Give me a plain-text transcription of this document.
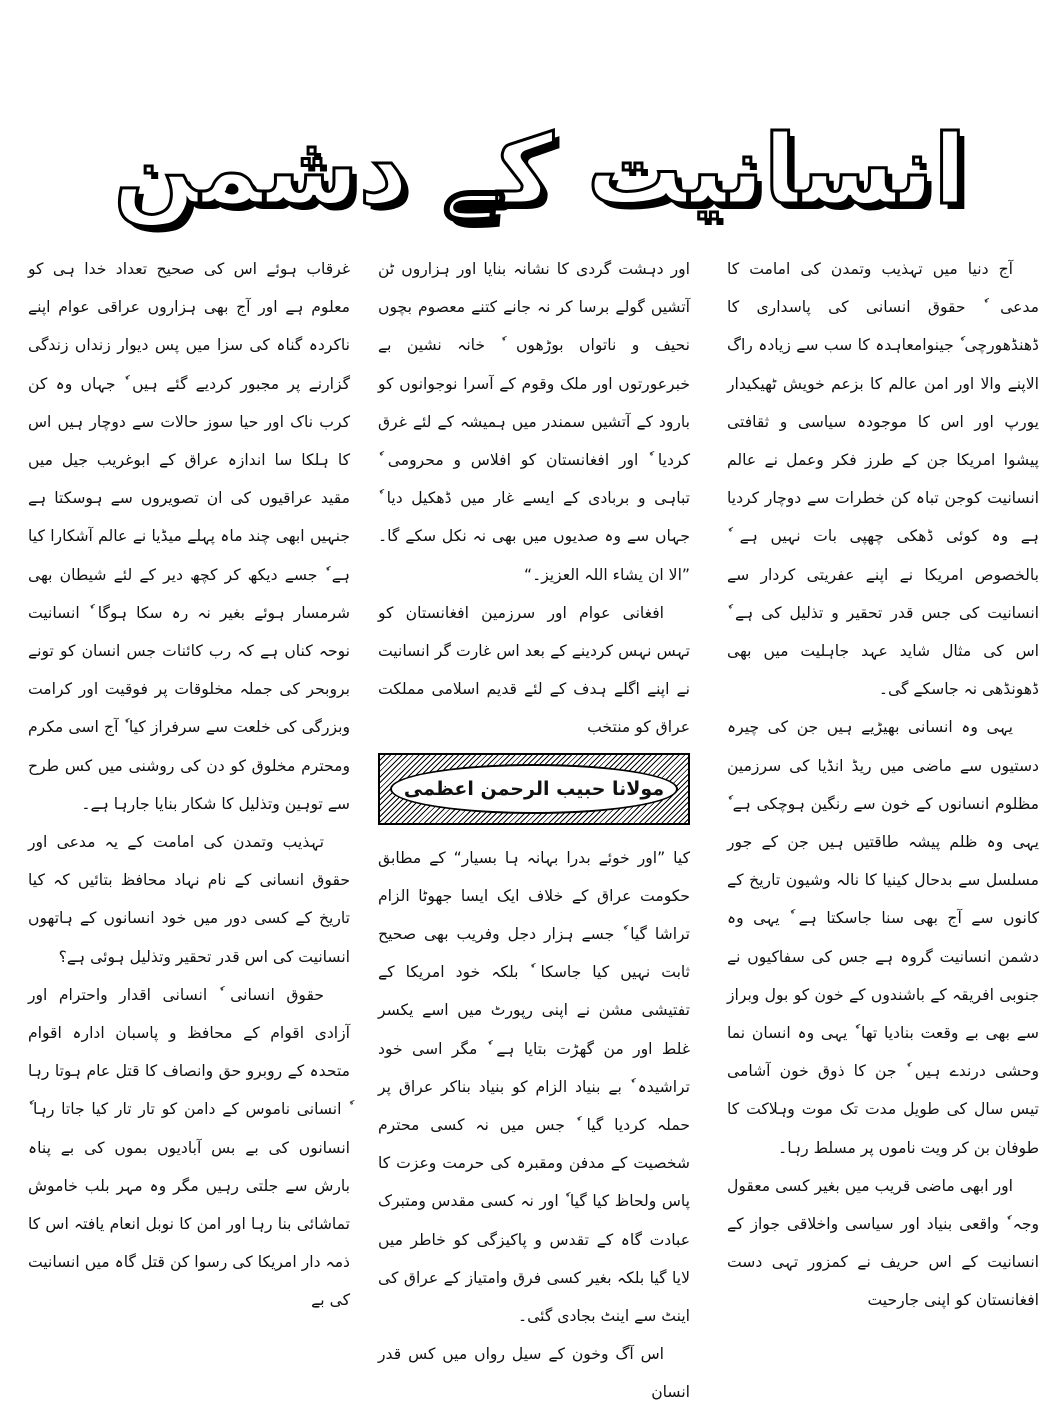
انسانیت کے دشمن

آج دنیا میں تہذیب وتمدن کی امامت کا مدعی ٗ حقوق انسانی کی پاسداری کا ڈھنڈھورچی ٗ جینوامعاہدہ کا سب سے زیادہ راگ الاپنے والا اور امن عالم کا بزعم خویش ٹھیکیدار یورپ اور اس کا موجودہ سیاسی و ثقافتی پیشوا امریکا جن کے طرز فکر وعمل نے عالم انسانیت کوجن تباہ کن خطرات سے دوچار کردیا ہے وہ کوئی ڈھکی چھپی بات نہیں ہے ٗ بالخصوص امریکا نے اپنے عفریتی کردار سے انسانیت کی جس قدر تحقیر و تذلیل کی ہے ٗ اس کی مثال شاید عہد جاہلیت میں بھی ڈھونڈھی نہ جاسکے گی۔

یہی وہ انسانی بھیڑیے ہیں جن کی چیرہ دستیوں سے ماضی میں ریڈ انڈیا کی سرزمین مظلوم انسانوں کے خون سے رنگین ہوچکی ہے ٗ یہی وہ ظلم پیشہ طاقتیں ہیں جن کے جور مسلسل سے بدحال کینیا کا نالہ وشیون تاریخ کے کانوں سے آج بھی سنا جاسکتا ہے ٗ یہی وہ دشمن انسانیت گروہ ہے جس کی سفاکیوں نے جنوبی افریقہ کے باشندوں کے خون کو بول وبراز سے بھی بے وقعت بنادیا تھا ٗ یہی وہ انسان نما وحشی درندے ہیں ٗ جن کا ذوق خون آشامی تیس سال کی طویل مدت تک موت وہلاکت کا طوفان بن کر ویت ناموں پر مسلط رہا۔

اور ابھی ماضی قریب میں بغیر کسی معقول وجہ ٗ واقعی بنیاد اور سیاسی واخلاقی جواز کے انسانیت کے اس حریف نے کمزور تہی دست افغانستان کو اپنی جارحیت

اور دہشت گردی کا نشانہ بنایا اور ہزاروں ٹن آتشیں گولے برسا کر نہ جانے کتنے معصوم بچوں نحیف و ناتواں بوڑھوں ٗ خانہ نشین بے خبرعورتوں اور ملک وقوم کے آسرا نوجوانوں کو بارود کے آتشیں سمندر میں ہمیشہ کے لئے غرق کردیا ٗ اور افغانستان کو افلاس و محرومی ٗ تباہی و بربادی کے ایسے غار میں ڈھکیل دیا ٗ جہاں سے وہ صدیوں میں بھی نہ نکل سکے گا۔ ”الا ان یشاء اللہ العزیز۔“

افغانی عوام اور سرزمین افغانستان کو تہس نہس کردینے کے بعد اس غارت گر انسانیت نے اپنے اگلے ہدف کے لئے قدیم اسلامی مملکت عراق کو منتخب

مولانا حبیب الرحمن اعظمی

کیا ”اور خوئے بدرا بہانہ ہا بسیار“ کے مطابق حکومت عراق کے خلاف ایک ایسا جھوٹا الزام تراشا گیا ٗ جسے ہزار دجل وفریب بھی صحیح ثابت نہیں کیا جاسکا ٗ بلکہ خود امریکا کے تفتیشی مشن نے اپنی رپورٹ میں اسے یکسر غلط اور من گھڑت بتایا ہے ٗ مگر اسی خود تراشیدہ ٗ بے بنیاد الزام کو بنیاد بناکر عراق پر حملہ کردیا گیا ٗ جس میں نہ کسی محترم شخصیت کے مدفن ومقبرہ کی حرمت وعزت کا پاس ولحاظ کیا گیا ٗ اور نہ کسی مقدس ومتبرک عبادت گاہ کے تقدس و پاکیزگی کو خاطر میں لایا گیا بلکہ بغیر کسی فرق وامتیاز کے عراق کی اینٹ سے اینٹ بجادی گئی۔

اس آگ وخون کے سیل رواں میں کس قدر انسان

غرقاب ہوئے اس کی صحیح تعداد خدا ہی کو معلوم ہے اور آج بھی ہزاروں عراقی عوام اپنے ناکردہ گناہ کی سزا میں پس دیوار زنداں زندگی گزارنے پر مجبور کردیے گئے ہیں ٗ جہاں وہ کن کرب ناک اور حیا سوز حالات سے دوچار ہیں اس کا ہلکا سا اندازہ عراق کے ابوغریب جیل میں مقید عراقیوں کی ان تصویروں سے ہوسکتا ہے جنہیں ابھی چند ماہ پہلے میڈیا نے عالم آشکارا کیا ہے ٗ جسے دیکھ کر کچھ دیر کے لئے شیطان بھی شرمسار ہوئے بغیر نہ رہ سکا ہوگا ٗ انسانیت نوحہ کناں ہے کہ رب کائنات جس انسان کو تونے بروبحر کی جملہ مخلوقات پر فوقیت اور کرامت وبزرگی کی خلعت سے سرفراز کیا ٗ آج اسی مکرم ومحترم مخلوق کو دن کی روشنی میں کس طرح سے توہین وتذلیل کا شکار بنایا جارہا ہے۔

تہذیب وتمدن کی امامت کے یہ مدعی اور حقوق انسانی کے نام نہاد محافظ بتائیں کہ کیا تاریخ کے کسی دور میں خود انسانوں کے ہاتھوں انسانیت کی اس قدر تحقیر وتذلیل ہوئی ہے؟

حقوق انسانی ٗ انسانی اقدار واحترام اور آزادی اقوام کے محافظ و پاسبان ادارہ اقوام متحدہ کے روبرو حق وانصاف کا قتل عام ہوتا رہا ٗ انسانی ناموس کے دامن کو تار تار کیا جاتا رہا ٗ انسانوں کی بے بس آبادیوں بموں کی بے پناہ بارش سے جلتی رہیں مگر وہ مہر بلب خاموش تماشائی بنا رہا اور امن کا نوبل انعام یافتہ اس کا ذمہ دار امریکا کی رسوا کن قتل گاہ میں انسانیت کی بے
